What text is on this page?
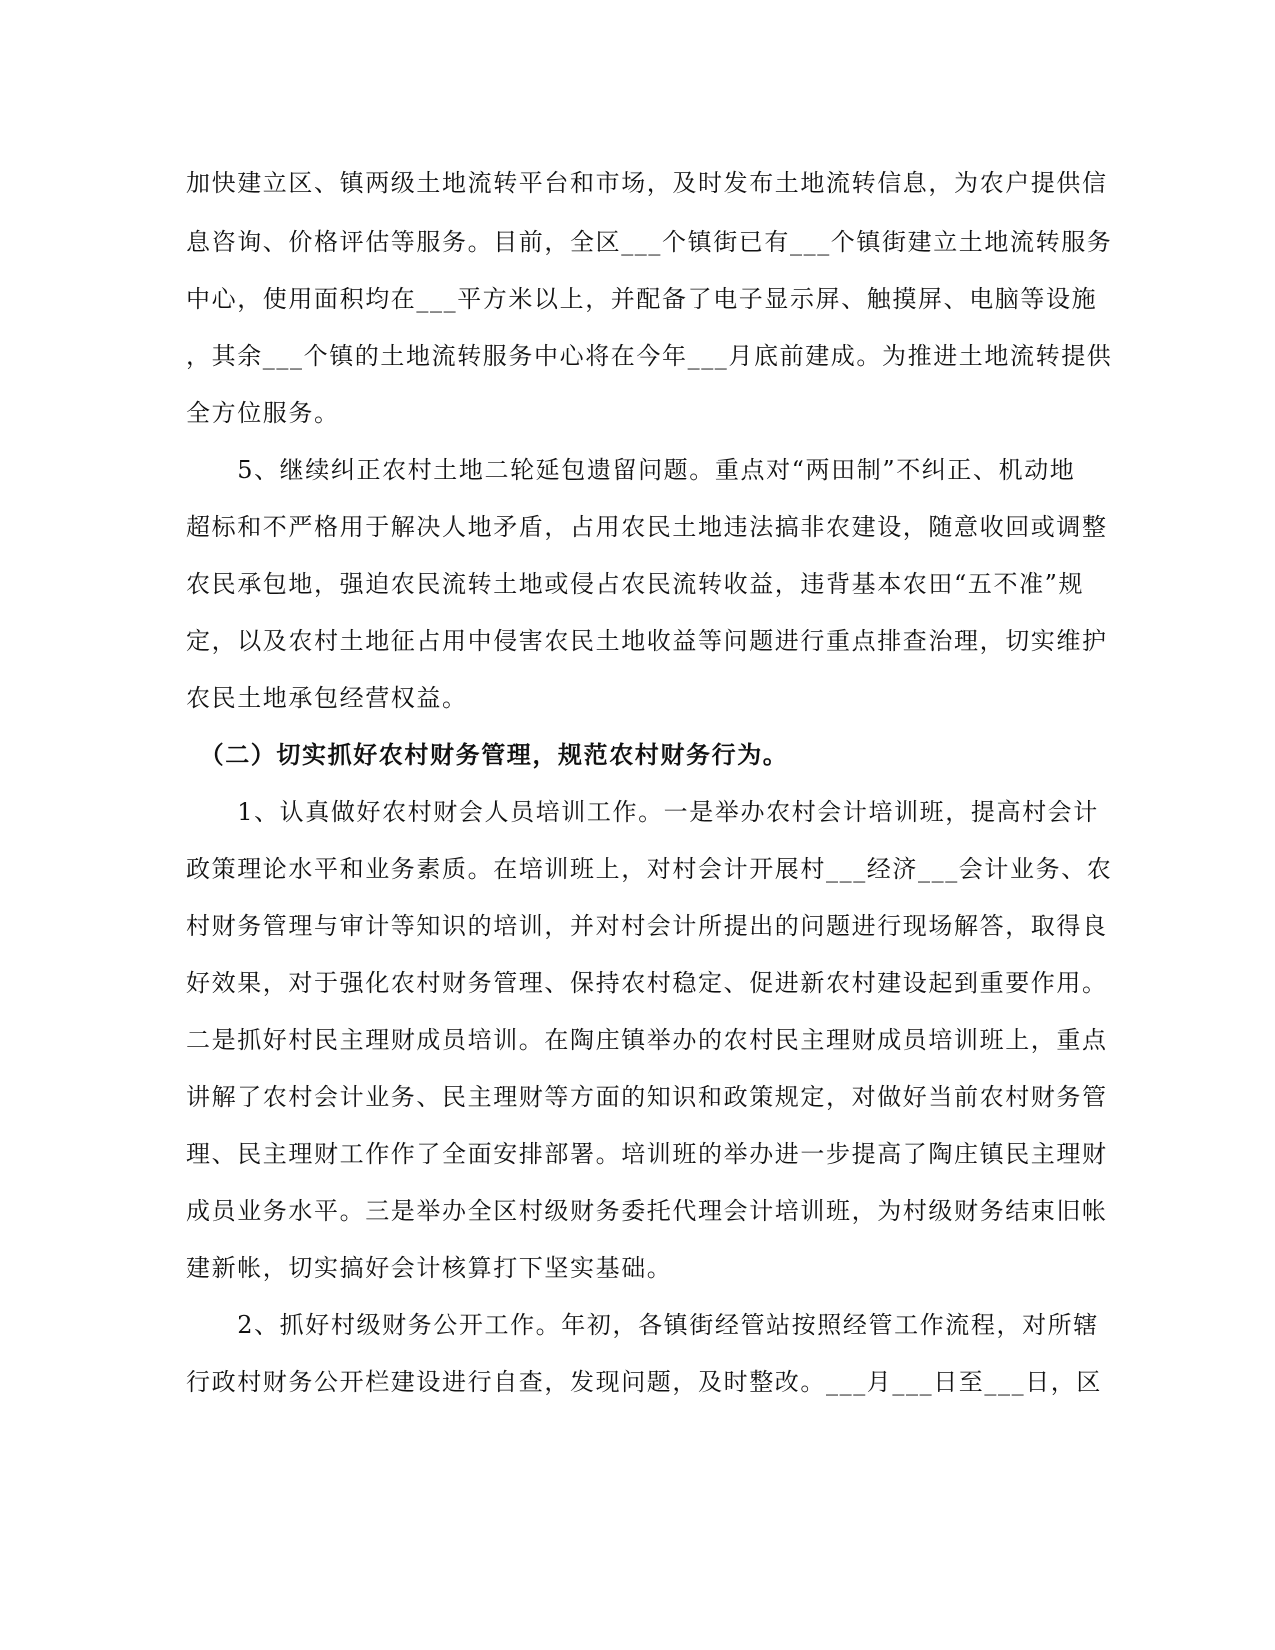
加快建立区、镇两级土地流转平台和市场，及时发布土地流转信息，为农户提供信
息咨询、价格评估等服务。目前，全区___个镇街已有___个镇街建立土地流转服务
中心，使用面积均在___平方米以上，并配备了电子显示屏、触摸屏、电脑等设施
，其余___个镇的土地流转服务中心将在今年___月底前建成。为推进土地流转提供
全方位服务。
　　5、继续纠正农村土地二轮延包遗留问题。重点对“两田制”不纠正、机动地
超标和不严格用于解决人地矛盾，占用农民土地违法搞非农建设，随意收回或调整
农民承包地，强迫农民流转土地或侵占农民流转收益，违背基本农田“五不准”规
定，以及农村土地征占用中侵害农民土地收益等问题进行重点排查治理，切实维护
农民土地承包经营权益。
　（二）切实抓好农村财务管理，规范农村财务行为。
　　1、认真做好农村财会人员培训工作。一是举办农村会计培训班，提高村会计
政策理论水平和业务素质。在培训班上，对村会计开展村___经济___会计业务、农
村财务管理与审计等知识的培训，并对村会计所提出的问题进行现场解答，取得良
好效果，对于强化农村财务管理、保持农村稳定、促进新农村建设起到重要作用。
二是抓好村民主理财成员培训。在陶庄镇举办的农村民主理财成员培训班上，重点
讲解了农村会计业务、民主理财等方面的知识和政策规定，对做好当前农村财务管
理、民主理财工作作了全面安排部署。培训班的举办进一步提高了陶庄镇民主理财
成员业务水平。三是举办全区村级财务委托代理会计培训班，为村级财务结束旧帐
建新帐，切实搞好会计核算打下坚实基础。
　　2、抓好村级财务公开工作。年初，各镇街经管站按照经管工作流程，对所辖
行政村财务公开栏建设进行自查，发现问题，及时整改。___月___日至___日，区
